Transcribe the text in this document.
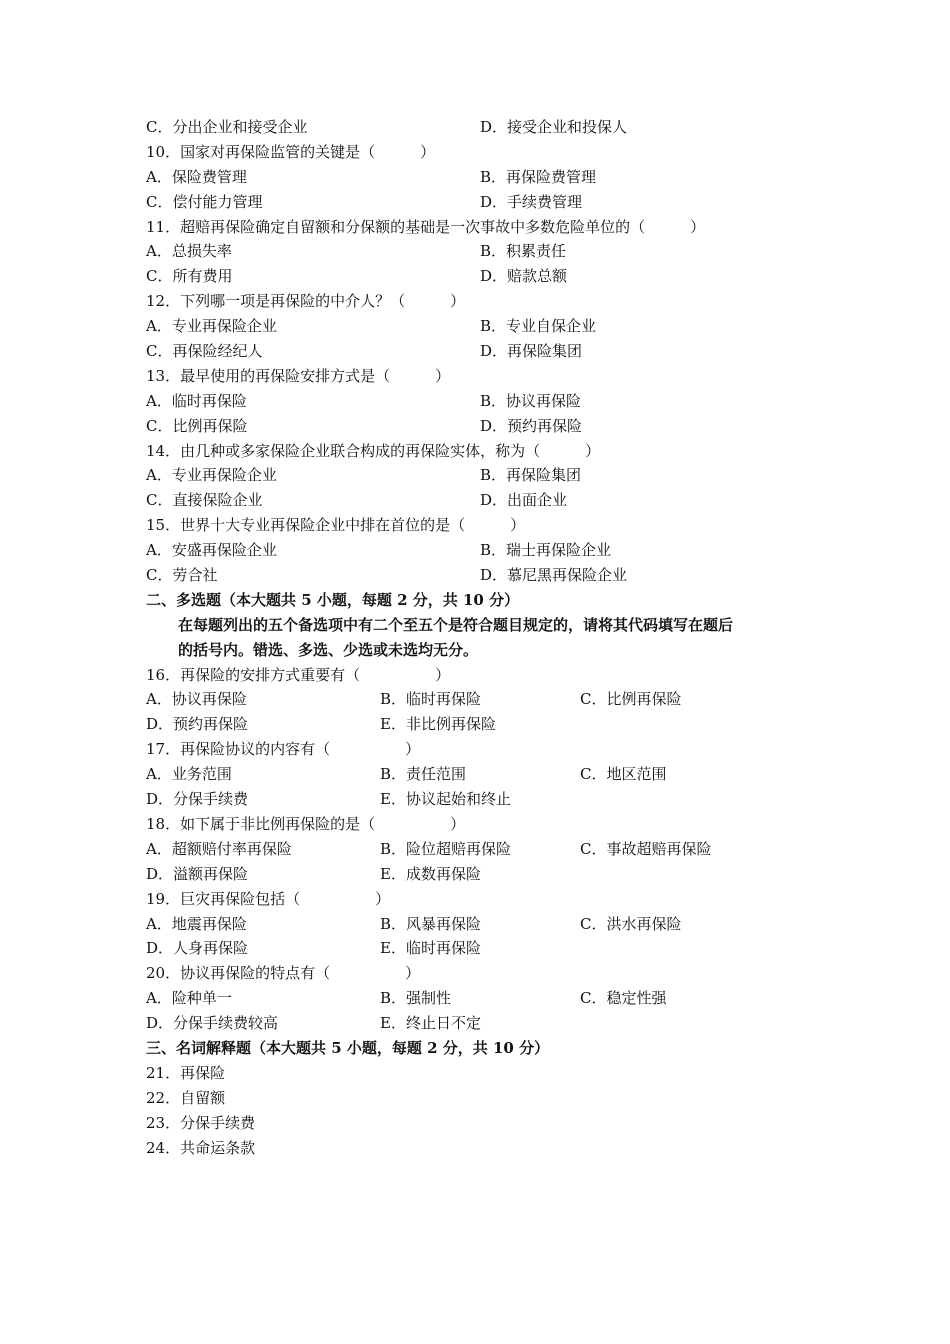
C．分出企业和接受企业	D．接受企业和投保人
10．国家对再保险监管的关键是（　　　）
A．保险费管理	B．再保险费管理
C．偿付能力管理	D．手续费管理
11．超赔再保险确定自留额和分保额的基础是一次事故中多数危险单位的（　　　）
A．总损失率	B．积累责任
C．所有费用	D．赔款总额
12．下列哪一项是再保险的中介人？（　　　）
A．专业再保险企业	B．专业自保企业
C．再保险经纪人	D．再保险集团
13．最早使用的再保险安排方式是（　　　）
A．临时再保险	B．协议再保险
C．比例再保险	D．预约再保险
14．由几种或多家保险企业联合构成的再保险实体，称为（　　　）
A．专业再保险企业	B．再保险集团
C．直接保险企业	D．出面企业
15．世界十大专业再保险企业中排在首位的是（　　　）
A．安盛再保险企业	B．瑞士再保险企业
C．劳合社	D．慕尼黑再保险企业
二、多选题（本大题共 5 小题，每题 2 分，共 10 分）
在每题列出的五个备选项中有二个至五个是符合题目规定的，请将其代码填写在题后
的括号内。错选、多选、少选或未选均无分。
16．再保险的安排方式重要有（　　　　　）
A．协议再保险	B．临时再保险	C．比例再保险
D．预约再保险	E．非比例再保险
17．再保险协议的内容有（　　　　　）
A．业务范围	B．责任范围	C．地区范围
D．分保手续费	E．协议起始和终止
18．如下属于非比例再保险的是（　　　　　）
A．超额赔付率再保险	B．险位超赔再保险	C．事故超赔再保险
D．溢额再保险	E．成数再保险
19．巨灾再保险包括（　　　　　）
A．地震再保险	B．风暴再保险	C．洪水再保险
D．人身再保险	E．临时再保险
20．协议再保险的特点有（　　　　　）
A．险种单一	B．强制性	C．稳定性强
D．分保手续费较高	E．终止日不定
三、名词解释题（本大题共 5 小题，每题 2 分，共 10 分）
21．再保险
22．自留额
23．分保手续费
24．共命运条款
